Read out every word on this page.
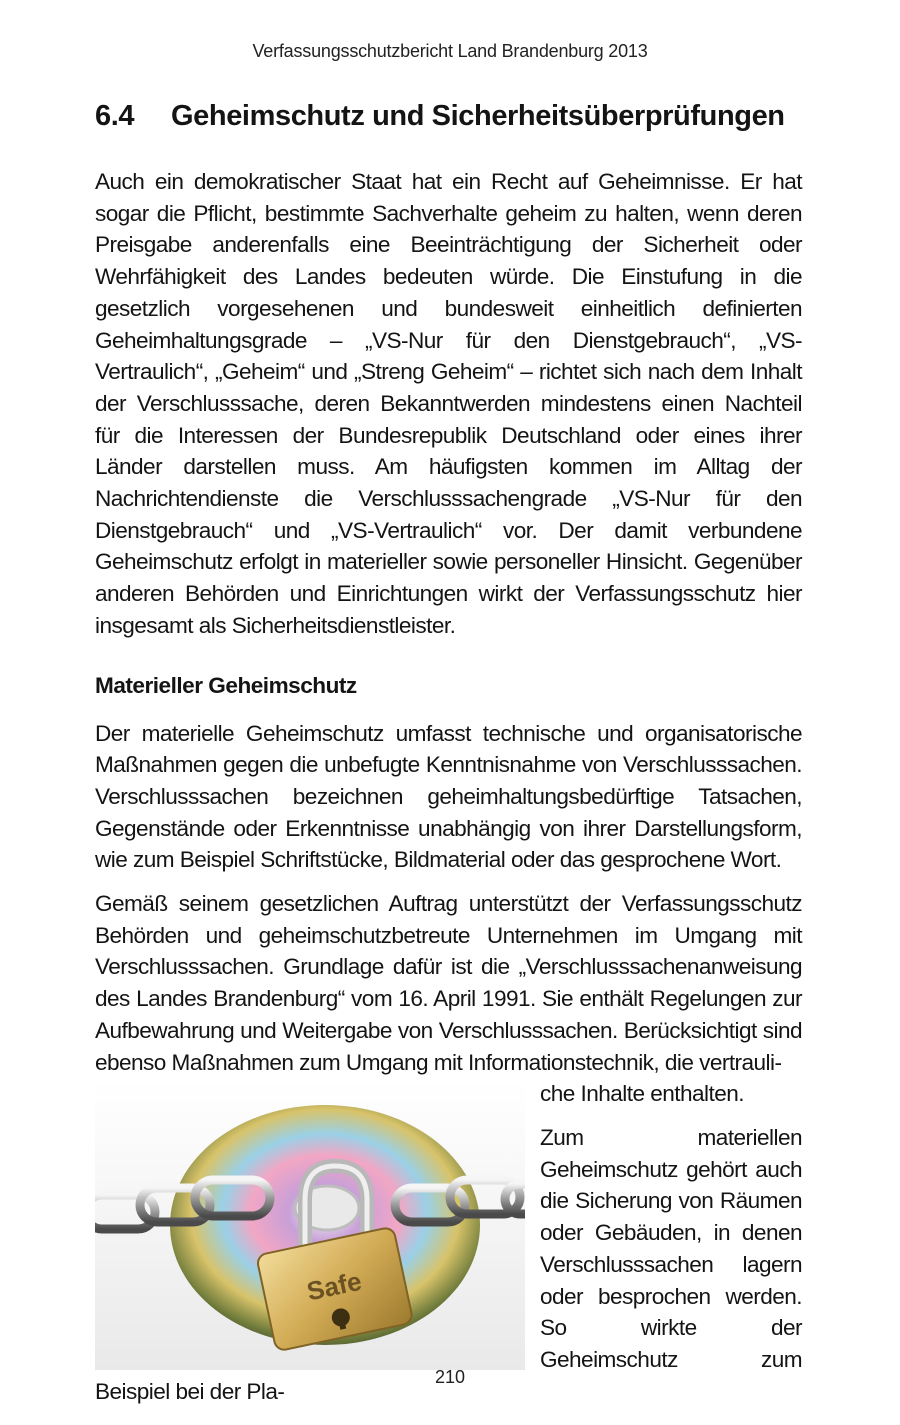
Verfassungsschutzbericht Land Brandenburg 2013
6.4	Geheimschutz und Sicherheitsüberprüfungen

Auch ein demokratischer Staat hat ein Recht auf Geheimnisse. Er hat sogar die Pflicht, bestimmte Sachverhalte geheim zu halten, wenn deren Preisgabe anderenfalls eine Beeinträchtigung der Sicherheit oder Wehrfähigkeit des Landes bedeuten würde. Die Einstufung in die gesetzlich vorgesehenen und bundesweit einheitlich definierten Geheimhaltungsgrade – „VS-Nur für den Dienstgebrauch“, „VS-Vertraulich“, „Geheim“ und „Streng Geheim“ – richtet sich nach dem Inhalt der Verschlusssache, deren Bekanntwerden mindestens einen Nachteil für die Interessen der Bundesrepublik Deutschland oder eines ihrer Länder darstellen muss. Am häufigsten kommen im Alltag der Nachrichtendienste die Verschlusssachengrade „VS-Nur für den Dienstgebrauch“ und „VS-Vertraulich“ vor. Der damit verbundene Geheimschutz erfolgt in materieller sowie personeller Hinsicht. Gegenüber anderen Behörden und Einrichtungen wirkt der Verfassungsschutz hier insgesamt als Sicherheitsdienstleister.

Materieller Geheimschutz

Der materielle Geheimschutz umfasst technische und organisatorische Maßnahmen gegen die unbefugte Kenntnisnahme von Verschlusssachen. Verschlusssachen bezeichnen geheimhaltungsbedürftige Tatsachen, Gegenstände oder Erkenntnisse unabhängig von ihrer Darstellungsform, wie zum Beispiel Schriftstücke, Bildmaterial oder das gesprochene Wort.

Gemäß seinem gesetzlichen Auftrag unterstützt der Verfassungsschutz Behörden und geheimschutzbetreute Unternehmen im Umgang mit Verschlusssachen. Grundlage dafür ist die „Verschlusssachenanweisung des Landes Brandenburg“ vom 16. April 1991. Sie enthält Regelungen zur Aufbewahrung und Weitergabe von Verschlusssachen. Berücksichtigt sind ebenso Maßnahmen zum Umgang mit Informationstechnik, die vertrauli-

Safe

che Inhalte enthalten.

Zum materiellen Geheimschutz gehört auch die Sicherung von Räumen oder Gebäuden, in denen Verschlusssachen lagern oder besprochen werden. So wirkte der Geheimschutz zum Beispiel bei der Pla-

210
